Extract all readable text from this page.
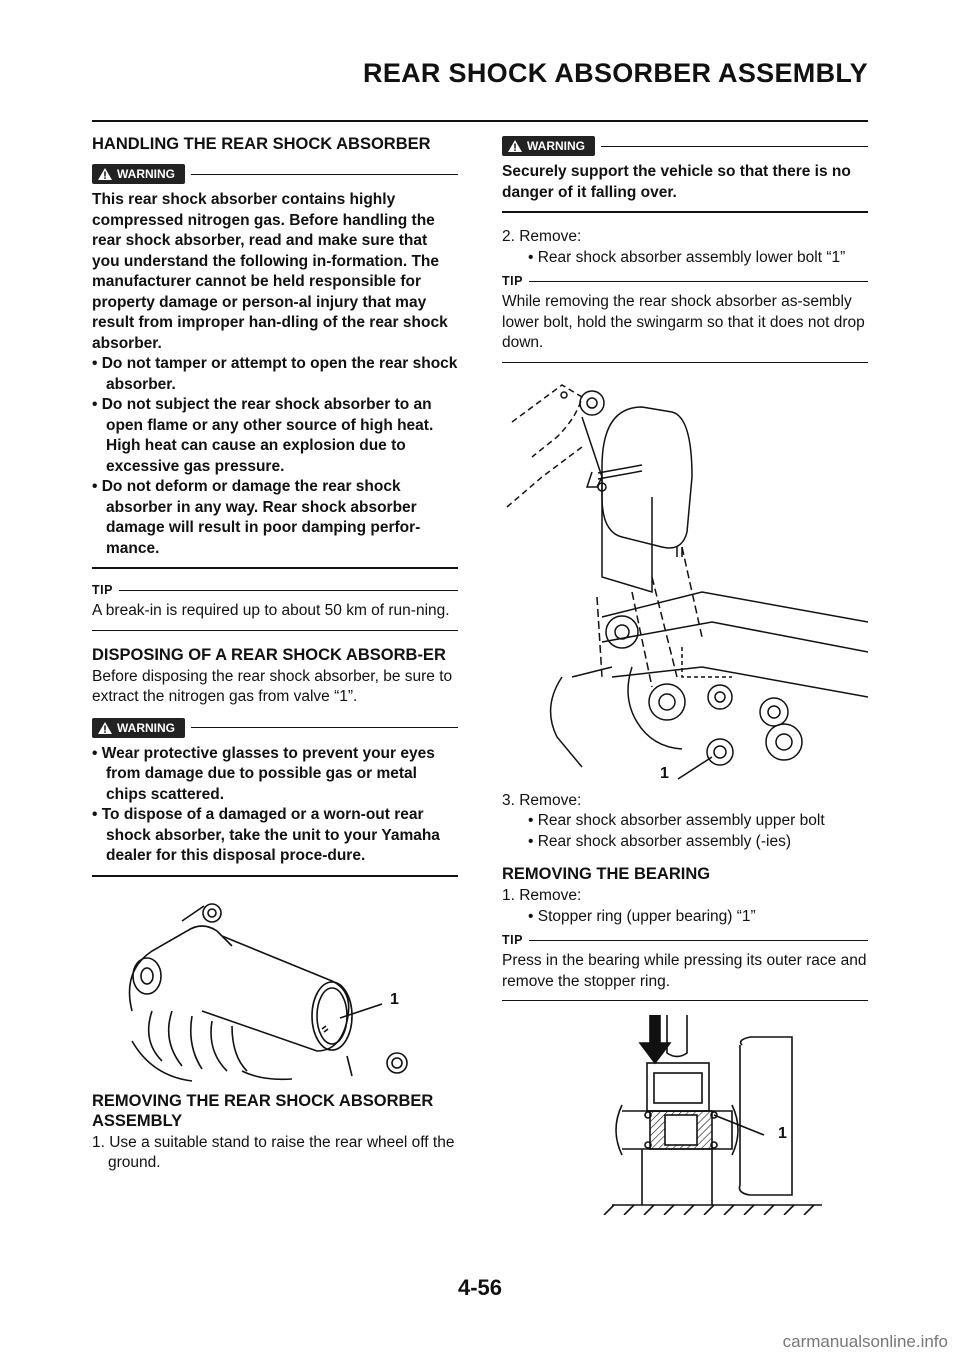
REAR SHOCK ABSORBER ASSEMBLY
HANDLING THE REAR SHOCK ABSORBER
WARNING

This rear shock absorber contains highly compressed nitrogen gas. Before handling the rear shock absorber, read and make sure that you understand the following in-formation. The manufacturer cannot be held responsible for property damage or person-al injury that may result from improper han-dling of the rear shock absorber.

• Do not tamper or attempt to open the rear shock absorber.

• Do not subject the rear shock absorber to an open flame or any other source of high heat. High heat can cause an explosion due to excessive gas pressure.

• Do not deform or damage the rear shock absorber in any way. Rear shock absorber damage will result in poor damping perfor-mance.

TIP

A break-in is required up to about 50 km of run-ning.

DISPOSING OF A REAR SHOCK ABSORB-ER

Before disposing the rear shock absorber, be sure to extract the nitrogen gas from valve “1”.

WARNING

• Wear protective glasses to prevent your eyes from damage due to possible gas or metal chips scattered.

• To dispose of a damaged or a worn-out rear shock absorber, take the unit to your Yamaha dealer for this disposal proce-dure.

1
REMOVING THE REAR SHOCK ABSORBER ASSEMBLY

1. Use a suitable stand to raise the rear wheel off the ground.

WARNING

Securely support the vehicle so that there is no danger of it falling over.

2. Remove:

• Rear shock absorber assembly lower bolt “1”

TIP

While removing the rear shock absorber as-sembly lower bolt, hold the swingarm so that it does not drop down.

1

3. Remove:

• Rear shock absorber assembly upper bolt

• Rear shock absorber assembly (-ies)

REMOVING THE BEARING

1. Remove:

• Stopper ring (upper bearing) “1”

TIP

Press in the bearing while pressing its outer race and remove the stopper ring.

1
4-56
carmanualsonline.info
